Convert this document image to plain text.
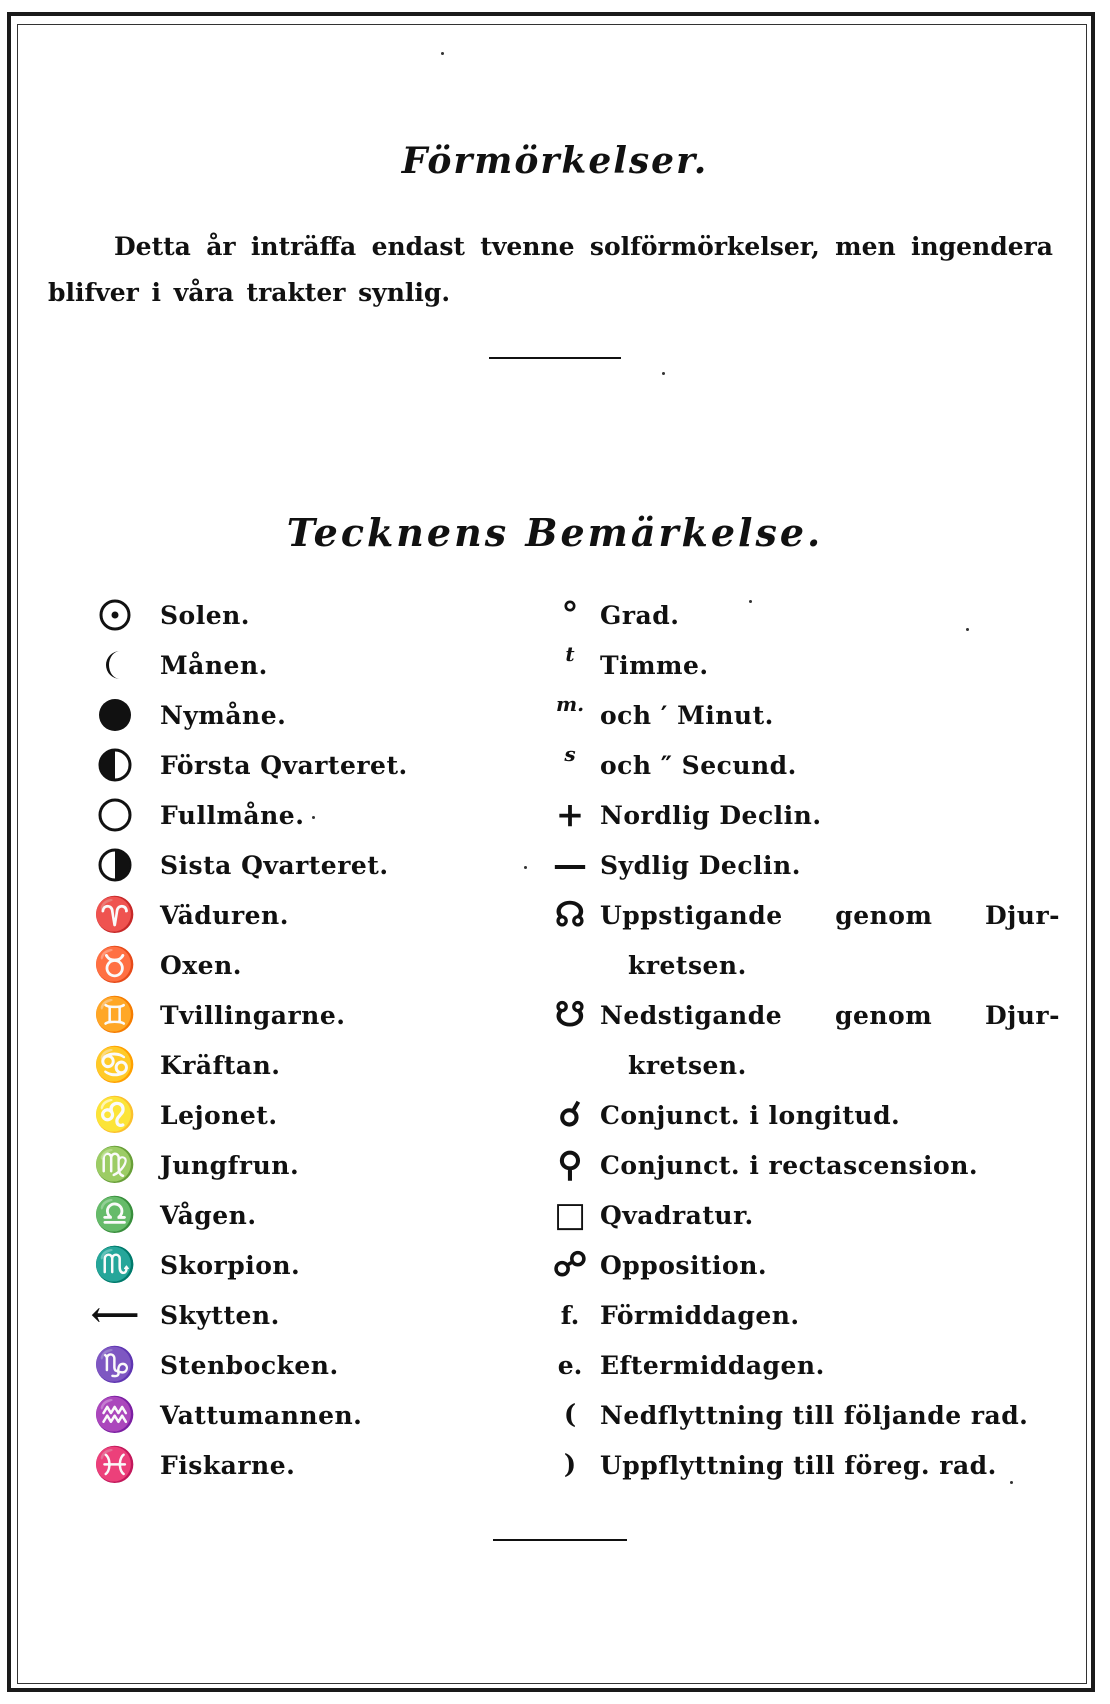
Förmörkelser.
Detta år inträffa endast tvenne solförmörkelser, men ingendera blifver i våra trakter synlig.
Tecknens Bemärkelse.
Solen.
Månen.
Nymåne.
Första Qvarteret.
Fullmåne.
Sista Qvarteret.
♈ Väduren.
♉ Oxen.
♊ Tvillingarne.
♋ Kräftan.
♌ Lejonet.
♍ Jungfrun.
♎ Vågen.
♏ Skorpion.
⟵ Skytten.
♑ Stenbocken.
♒ Vattumannen.
♓ Fiskarne.
° Grad.
t	Timme.
m. och ′ Minut.
s och ″ Secund.
+ Nordlig Declin.
— Sydlig Declin.
☊ Uppstigande genom Djur-
kretsen.
☋ Nedstigande genom Djur-
kretsen.
☌ Conjunct. i longitud.
⚲ Conjunct. i rectascension.
□ Qvadratur.
☍ Opposition.
f. Förmiddagen.
e. Eftermiddagen.
( Nedflyttning till följande rad.
) Uppflyttning till föreg. rad.
